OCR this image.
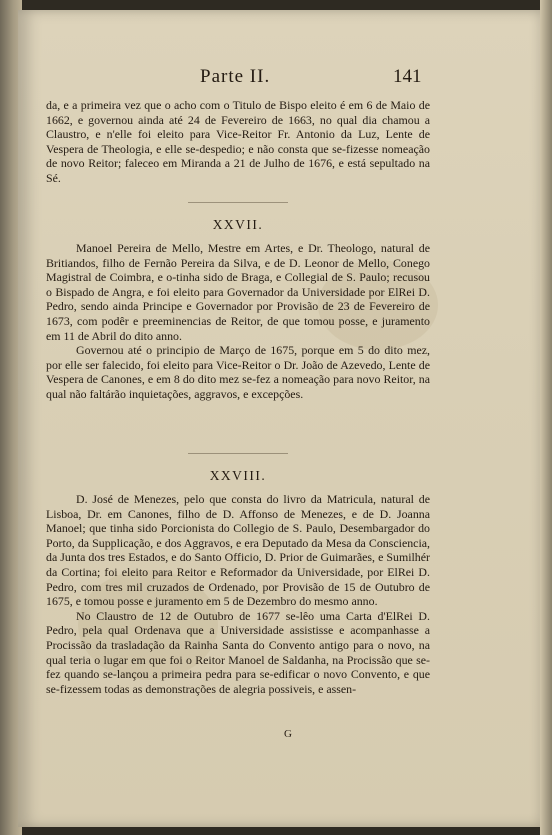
Parte II.	141

da, e a primeira vez que o acho com o Titulo de Bispo eleito é em 6 de Maio de 1662, e governou ainda até 24 de Fevereiro de 1663, no qual dia chamou a Claustro, e n'elle foi eleito para Vice-Reitor Fr. Antonio da Luz, Lente de Vespera de Theologia, e elle se-despedio; e não consta que se-fizesse nomeação de novo Reitor; faleceo em Miranda a 21 de Julho de 1676, e está sepultado na Sé.

XXVII.

Manoel Pereira de Mello, Mestre em Artes, e Dr. Theologo, natural de Britiandos, filho de Fernão Pereira da Silva, e de D. Leonor de Mello, Conego Magistral de Coimbra, e o-tinha sido de Braga, e Collegial de S. Paulo; recusou o Bispado de Angra, e foi eleito para Governador da Universidade por ElRei D. Pedro, sendo ainda Principe e Governador por Provisão de 23 de Fevereiro de 1673, com podêr e preeminencias de Reitor, de que tomou posse, e juramento em 11 de Abril do dito anno.

Governou até o principio de Março de 1675, porque em 5 do dito mez, por elle ser falecido, foi eleito para Vice-Reitor o Dr. João de Azevedo, Lente de Vespera de Canones, e em 8 do dito mez se-fez a nomeação para novo Reitor, na qual não faltárão inquietações, aggravos, e excepções.

XXVIII.

D. José de Menezes, pelo que consta do livro da Matricula, natural de Lisboa, Dr. em Canones, filho de D. Affonso de Menezes, e de D. Joanna Manoel; que tinha sido Porcionista do Collegio de S. Paulo, Desembargador do Porto, da Supplicação, e dos Aggravos, e era Deputado da Mesa da Consciencia, da Junta dos tres Estados, e do Santo Officio, D. Prior de Guimarães, e Sumilhér da Cortina; foi eleito para Reitor e Reformador da Universidade, por ElRei D. Pedro, com tres mil cruzados de Ordenado, por Provisão de 15 de Outubro de 1675, e tomou posse e juramento em 5 de Dezembro do mesmo anno.

No Claustro de 12 de Outubro de 1677 se-lêo uma Carta d'ElRei D. Pedro, pela qual Ordenava que a Universidade assistisse e acompanhasse a Procissão da trasladação da Rainha Santa do Convento antigo para o novo, na qual teria o lugar em que foi o Reitor Manoel de Saldanha, na Procissão que se-fez quando se-lançou a primeira pedra para se-edificar o novo Convento, e que se-fizessem todas as demonstrações de alegria possiveis, e assen-

G
